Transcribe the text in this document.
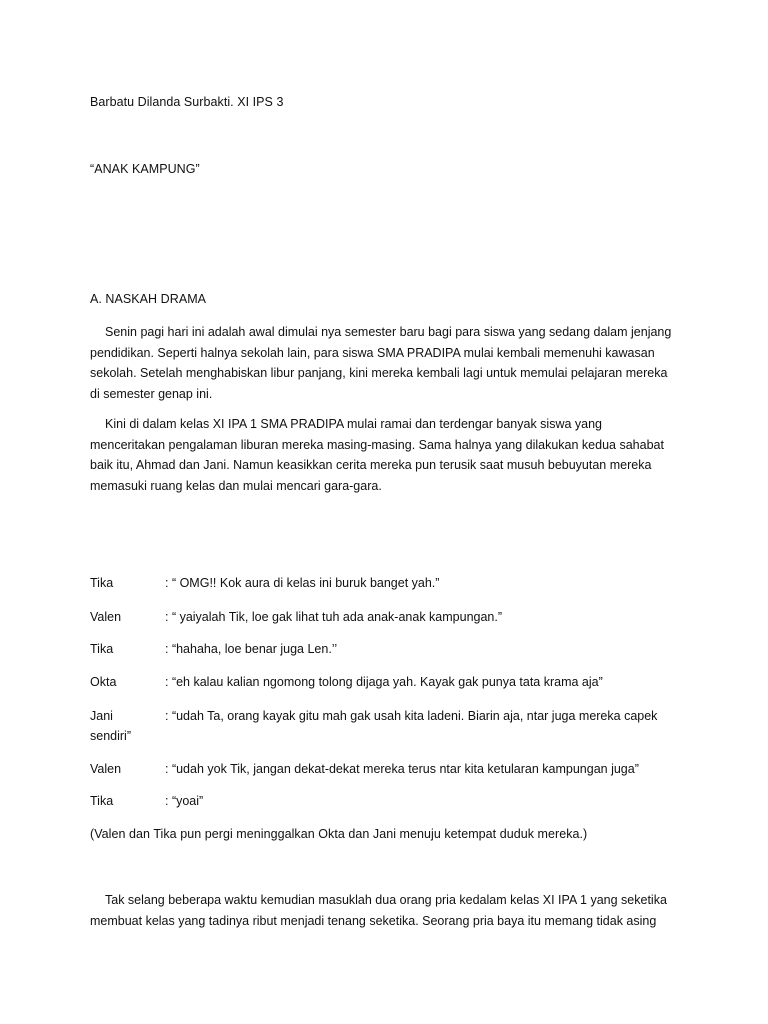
Barbatu Dilanda Surbakti. XI IPS 3
“ANAK KAMPUNG”
A. NASKAH DRAMA
Senin pagi hari ini adalah awal dimulai nya semester baru bagi para siswa yang sedang dalam jenjang pendidikan. Seperti halnya sekolah lain, para siswa SMA PRADIPA mulai kembali memenuhi kawasan sekolah. Setelah menghabiskan libur panjang, kini mereka kembali lagi untuk memulai pelajaran mereka di semester genap ini.
Kini di dalam kelas XI IPA 1 SMA PRADIPA mulai ramai dan terdengar banyak siswa yang menceritakan pengalaman liburan mereka masing-masing. Sama halnya yang dilakukan kedua sahabat baik itu, Ahmad dan Jani. Namun keasikkan cerita mereka pun terusik saat musuh bebuyutan mereka memasuki ruang kelas dan mulai mencari gara-gara.
Tika	: “ OMG!! Kok aura di kelas ini buruk banget yah.”
Valen	: “ yaiyalah Tik, loe gak lihat tuh ada anak-anak kampungan.”
Tika	: “hahaha, loe benar juga Len.’’
Okta	: “eh kalau kalian ngomong tolong dijaga yah. Kayak gak punya tata krama aja”
Jani	: “udah Ta, orang kayak gitu mah gak usah kita ladeni. Biarin aja, ntar juga mereka capek sendiri”
Valen	: “udah yok Tik, jangan dekat-dekat mereka terus ntar kita ketularan kampungan juga”
Tika	: “yoai”
(Valen dan Tika pun pergi meninggalkan Okta dan Jani menuju ketempat duduk mereka.)
Tak selang beberapa waktu kemudian masuklah dua orang pria kedalam kelas XI IPA 1 yang seketika membuat kelas yang tadinya ribut menjadi tenang seketika. Seorang pria baya itu memang tidak asing
